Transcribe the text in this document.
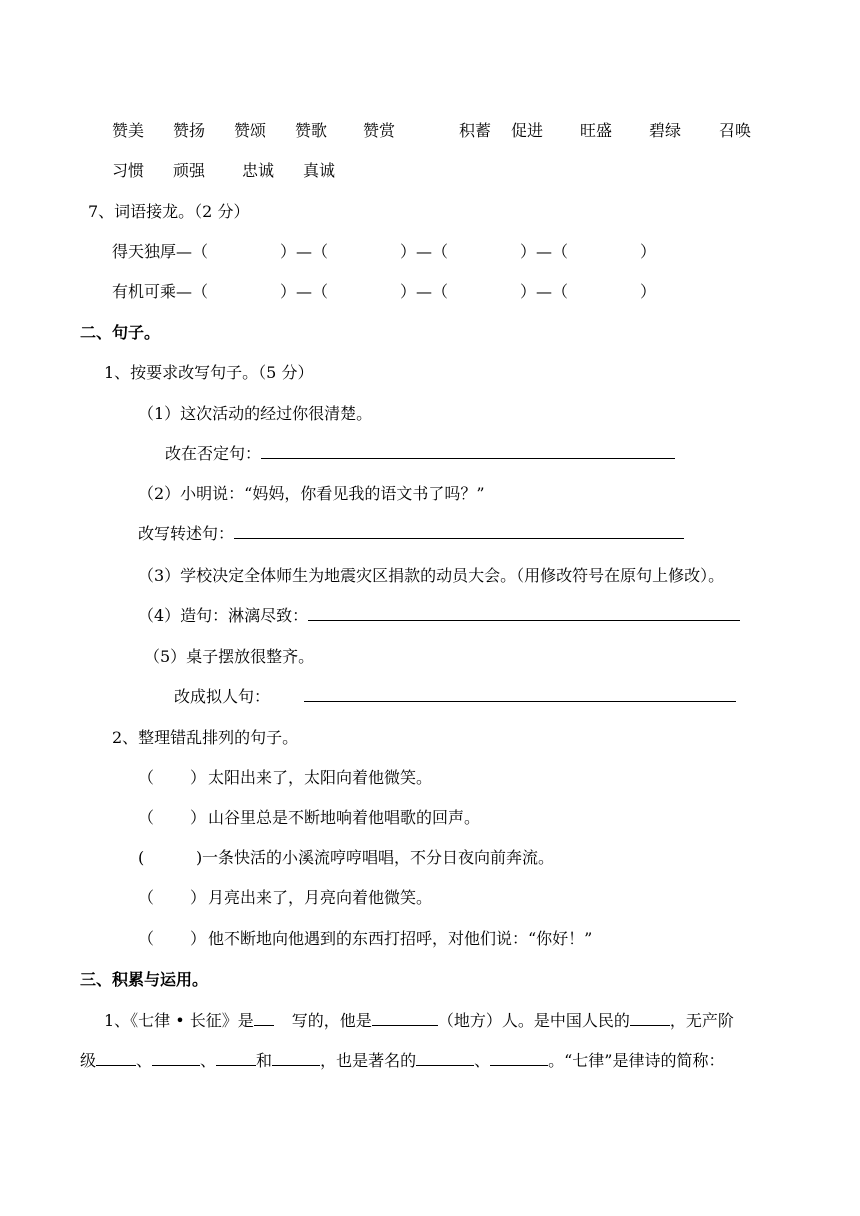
赞美 赞扬 赞颂 赞歌 赞赏	积蓄 促进 旺盛 碧绿 召唤
习惯 顽强 忠诚 真诚
7、词语接龙。（2 分）
得天独厚—（	）—（	）—（	）—（	）
有机可乘—（	）—（	）—（	）—（	）
二、句子。
1、按要求改写句子。（5 分）
（1）这次活动的经过你很清楚。
改在否定句：
（2）小明说：“妈妈，你看见我的语文书了吗？”
改写转述句：
（3）学校决定全体师生为地震灾区捐款的动员大会。（用修改符号在原句上修改）。
（4）造句：淋漓尽致：
（5）桌子摆放很整齐。
改成拟人句：
2、整理错乱排列的句子。
（ ） 太阳出来了，太阳向着他微笑。
（ ） 山谷里总是不断地响着他唱歌的回声。
(	) 一条快活的小溪流哼哼唱唱，不分日夜向前奔流。
（ ） 月亮出来了，月亮向着他微笑。
（ ） 他不断地向他遇到的东西打招呼，对他们说：“你好！”
三、积累与运用。
1、《七律 • 长征》是 写的，他是	（地方）人。是中国人民的	，无产阶
级	、	、	和	，也是著名的	、	。“七律”是律诗的简称：
